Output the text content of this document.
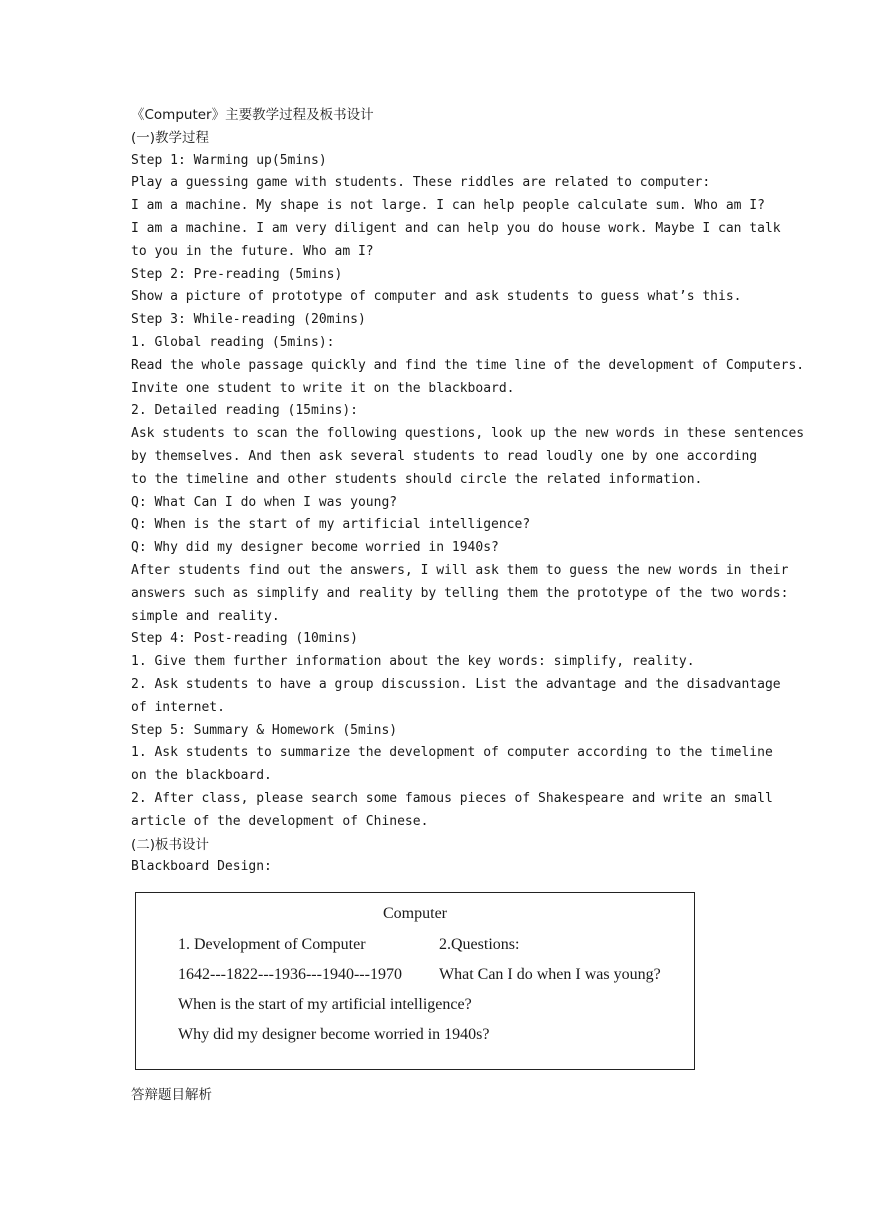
《Computer》主要教学过程及板书设计
(一)教学过程
Step 1: Warming up(5mins)
Play a guessing game with students. These riddles are related to computer:
I am a machine. My shape is not large. I can help people calculate sum. Who am I?
I am a machine. I am very diligent and can help you do house work. Maybe I can talk
to you in the future. Who am I?
Step 2: Pre-reading (5mins)
Show a picture of prototype of computer and ask students to guess what’s this.
Step 3: While-reading (20mins)
1. Global reading (5mins):
Read the whole passage quickly and find the time line of the development of Computers.
Invite one student to write it on the blackboard.
2. Detailed reading (15mins):
Ask students to scan the following questions, look up the new words in these sentences
by themselves. And then ask several students to read loudly one by one according
to the timeline and other students should circle the related information.
Q: What Can I do when I was young?
Q: When is the start of my artificial intelligence?
Q: Why did my designer become worried in 1940s?
After students find out the answers, I will ask them to guess the new words in their
answers such as simplify and reality by telling them the prototype of the two words:
simple and reality.
Step 4: Post-reading (10mins)
1. Give them further information about the key words: simplify, reality.
2. Ask students to have a group discussion. List the advantage and the disadvantage
of internet.
Step 5: Summary & Homework (5mins)
1. Ask students to summarize the development of computer according to the timeline
on the blackboard.
2. After class, please search some famous pieces of Shakespeare and write an small
article of the development of Chinese.
(二)板书设计
Blackboard Design:
Computer
1. Development of Computer	2.Questions:
1642---1822---1936---1940---1970 What Can I do when I was young?
When is the start of my artificial intelligence?
Why did my designer become worried in 1940s?
答辩题目解析
